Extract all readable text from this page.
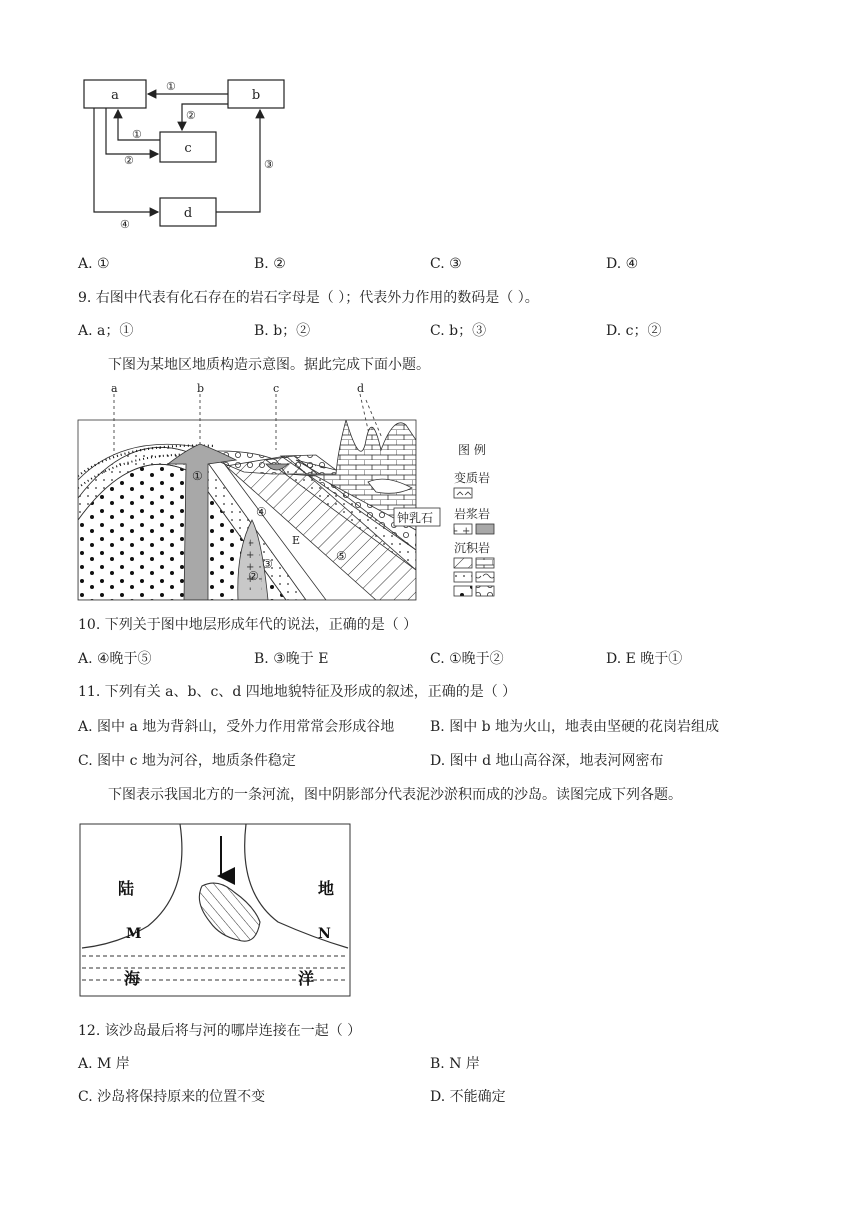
a	b
c
d
①
②
①
②	③
④
A. ①	B. ②	C. ③	D. ④
9. 右图中代表有化石存在的岩石字母是（ ）；代表外力作用的数码是（ ）。
A. a；①	B. b；②	C. b；③	D. c；②
下图为某地区地质构造示意图。据此完成下面小题。
a	b	c	d
①
②
③
④
⑤
E
钟乳石
图 例
变质岩
岩浆岩
沉积岩
10. 下列关于图中地层形成年代的说法，正确的是（ ）
A. ④晚于⑤	B. ③晚于 E	C. ①晚于②	D. E 晚于①
11. 下列有关 a、b、c、d 四地地貌特征及形成的叙述，正确的是（ ）
A. 图中 a 地为背斜山，受外力作用常常会形成谷地	B. 图中 b 地为火山，地表由坚硬的花岗岩组成
C. 图中 c 地为河谷，地质条件稳定	D. 图中 d 地山高谷深，地表河网密布
下图表示我国北方的一条河流，图中阴影部分代表泥沙淤积而成的沙岛。读图完成下列各题。
陆	地
M	N
海	洋
12. 该沙岛最后将与河的哪岸连接在一起（ ）
A. M 岸	B. N 岸
C. 沙岛将保持原来的位置不变	D. 不能确定
